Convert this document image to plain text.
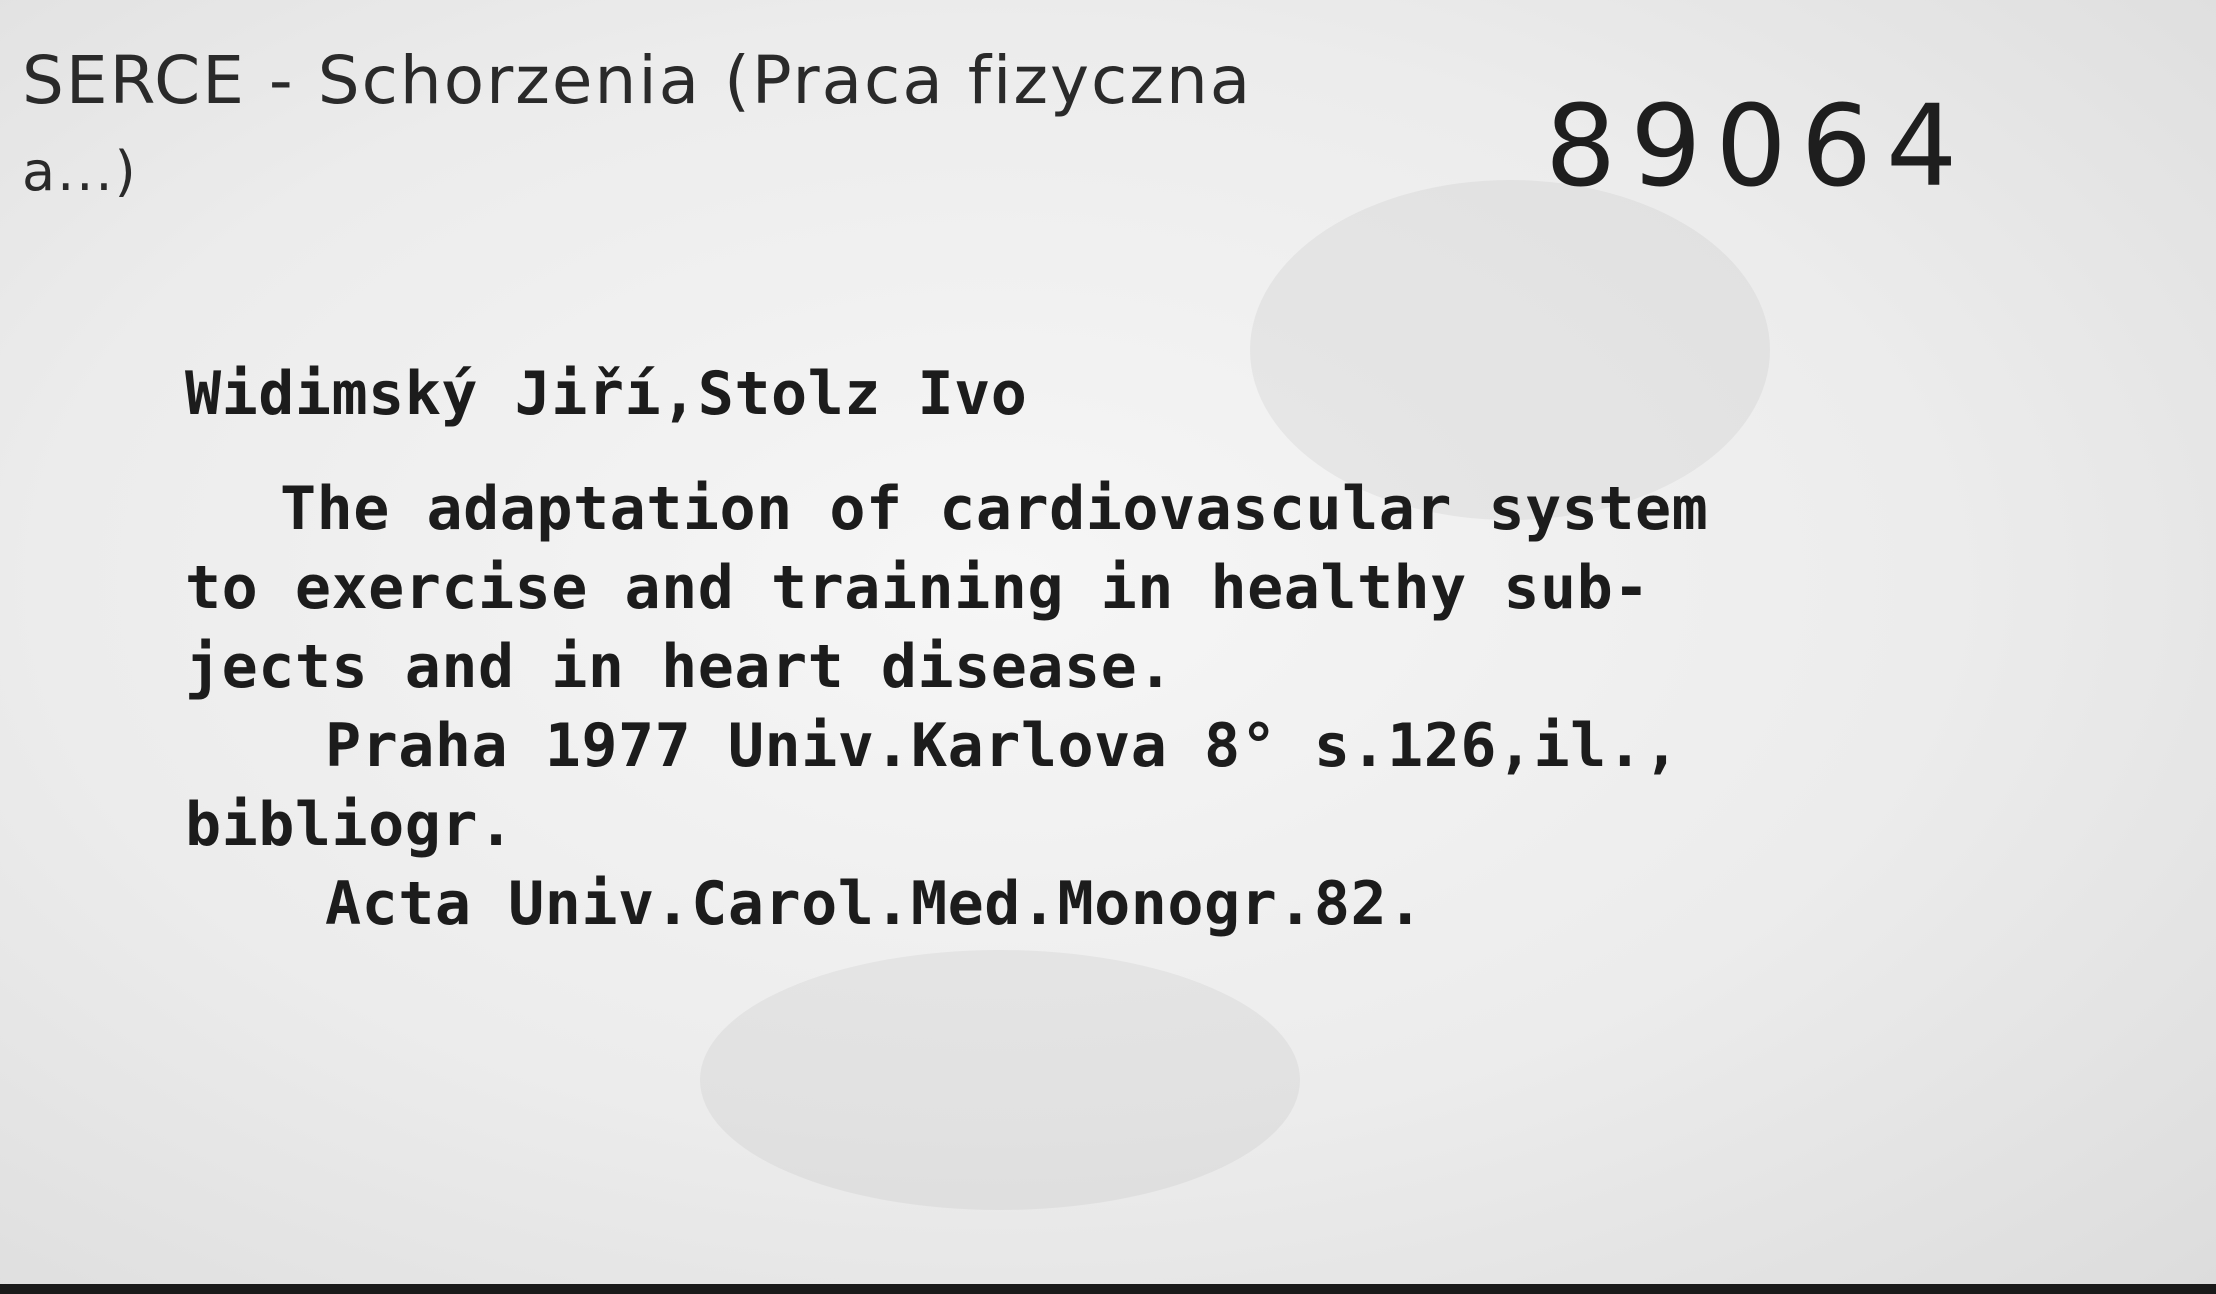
SERCE - Schorzenia (Praca fizyczna
a...)	89064
Widimský Jiří,Stolz Ivo
The adaptation of cardiovascular system
to exercise and training in healthy sub-
jects and in heart disease.
Praha 1977 Univ.Karlova 8° s.126,il.,
bibliogr.
Acta Univ.Carol.Med.Monogr.82.
